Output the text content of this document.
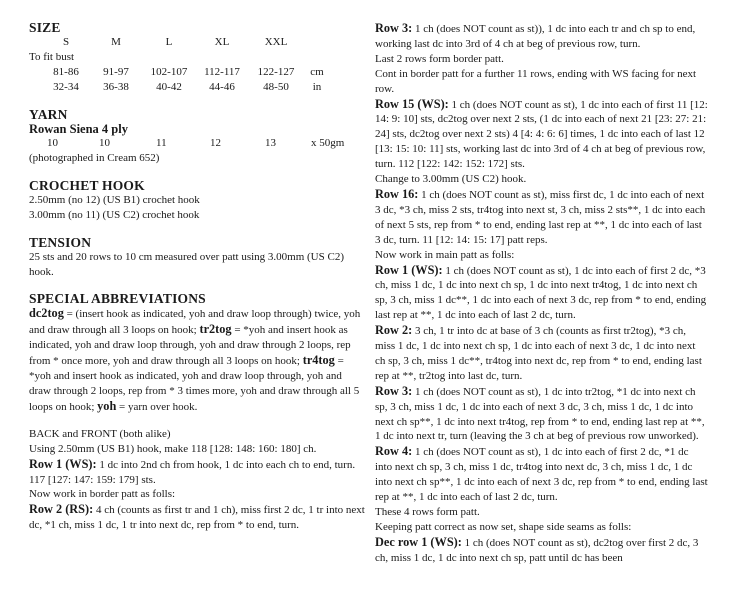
SIZE
S	M	L	XL	XXL

To fit bust

81-86	91-97	102-107	112-117	122-127	cm
32-34	36-38	40-42	44-46	48-50	in
YARN
Rowan Siena 4 ply
10	10	11	12	13	x 50gm

(photographed in Cream 652)

CROCHET HOOK

2.50mm (no 12) (US B1) crochet hook

3.00mm (no 11) (US C2) crochet hook

TENSION

25 sts and 20 rows to 10 cm measured over patt using 3.00mm (US C2) hook.

SPECIAL ABBREVIATIONS

dc2tog = (insert hook as indicated, yoh and draw loop through) twice, yoh and draw through all 3 loops on hook; tr2tog = *yoh and insert hook as indicated, yoh and draw loop through, yoh and draw through 2 loops, rep from * once more, yoh and draw through all 3 loops on hook; tr4tog = *yoh and insert hook as indicated, yoh and draw loop through, yoh and draw through 2 loops, rep from * 3 times more, yoh and draw through all 5 loops on hook; yoh = yarn over hook.

BACK and FRONT (both alike)

Using 2.50mm (US B1) hook, make 118 [128: 148: 160: 180] ch.

Row 1 (WS): 1 dc into 2nd ch from hook, 1 dc into each ch to end, turn. 117 [127: 147: 159: 179] sts.

Now work in border patt as folls:

Row 2 (RS): 4 ch (counts as first tr and 1 ch), miss first 2 dc, 1 tr into next dc, *1 ch, miss 1 dc, 1 tr into next dc, rep from * to end, turn.

Row 3: 1 ch (does NOT count as st)), 1 dc into each tr and ch sp to end, working last dc into 3rd of 4 ch at beg of previous row, turn.

Last 2 rows form border patt.

Cont in border patt for a further 11 rows, ending with WS facing for next row.

Row 15 (WS): 1 ch (does NOT count as st), 1 dc into each of first 11 [12: 14: 9: 10] sts, dc2tog over next 2 sts, (1 dc into each of next 21 [23: 27: 21: 24] sts, dc2tog over next 2 sts) 4 [4: 4: 6: 6] times, 1 dc into each of last 12 [13: 15: 10: 11] sts, working last dc into 3rd of 4 ch at beg of previous row, turn. 112 [122: 142: 152: 172] sts.

Change to 3.00mm (US C2) hook.

Row 16: 1 ch (does NOT count as st), miss first dc, 1 dc into each of next 3 dc, *3 ch, miss 2 sts, tr4tog into next st, 3 ch, miss 2 sts**, 1 dc into each of next 5 sts, rep from * to end, ending last rep at **, 1 dc into each of last 3 dc, turn. 11 [12: 14: 15: 17] patt reps.

Now work in main patt as folls:

Row 1 (WS): 1 ch (does NOT count as st), 1 dc into each of first 2 dc, *3 ch, miss 1 dc, 1 dc into next ch sp, 1 dc into next tr4tog, 1 dc into next ch sp, 3 ch, miss 1 dc**, 1 dc into each of next 3 dc, rep from * to end, ending last rep at **, 1 dc into each of last 2 dc, turn.

Row 2: 3 ch, 1 tr into dc at base of 3 ch (counts as first tr2tog), *3 ch, miss 1 dc, 1 dc into next ch sp, 1 dc into each of next 3 dc, 1 dc into next ch sp, 3 ch, miss 1 dc**, tr4tog into next dc, rep from * to end, ending last rep at **, tr2tog into last dc, turn.

Row 3: 1 ch (does NOT count as st), 1 dc into tr2tog, *1 dc into next ch sp, 3 ch, miss 1 dc, 1 dc into each of next 3 dc, 3 ch, miss 1 dc, 1 dc into next ch sp**, 1 dc into next tr4tog, rep from * to end, ending last rep at **, 1 dc into next tr, turn (leaving the 3 ch at beg of previous row unworked).

Row 4: 1 ch (does NOT count as st), 1 dc into each of first 2 dc, *1 dc into next ch sp, 3 ch, miss 1 dc, tr4tog into next dc, 3 ch, miss 1 dc, 1 dc into next ch sp**, 1 dc into each of next 3 dc, rep from * to end, ending last rep at **, 1 dc into each of last 2 dc, turn.

These 4 rows form patt.

Keeping patt correct as now set, shape side seams as folls:

Dec row 1 (WS): 1 ch (does NOT count as st), dc2tog over first 2 dc, 3 ch, miss 1 dc, 1 dc into next ch sp, patt until dc has been
